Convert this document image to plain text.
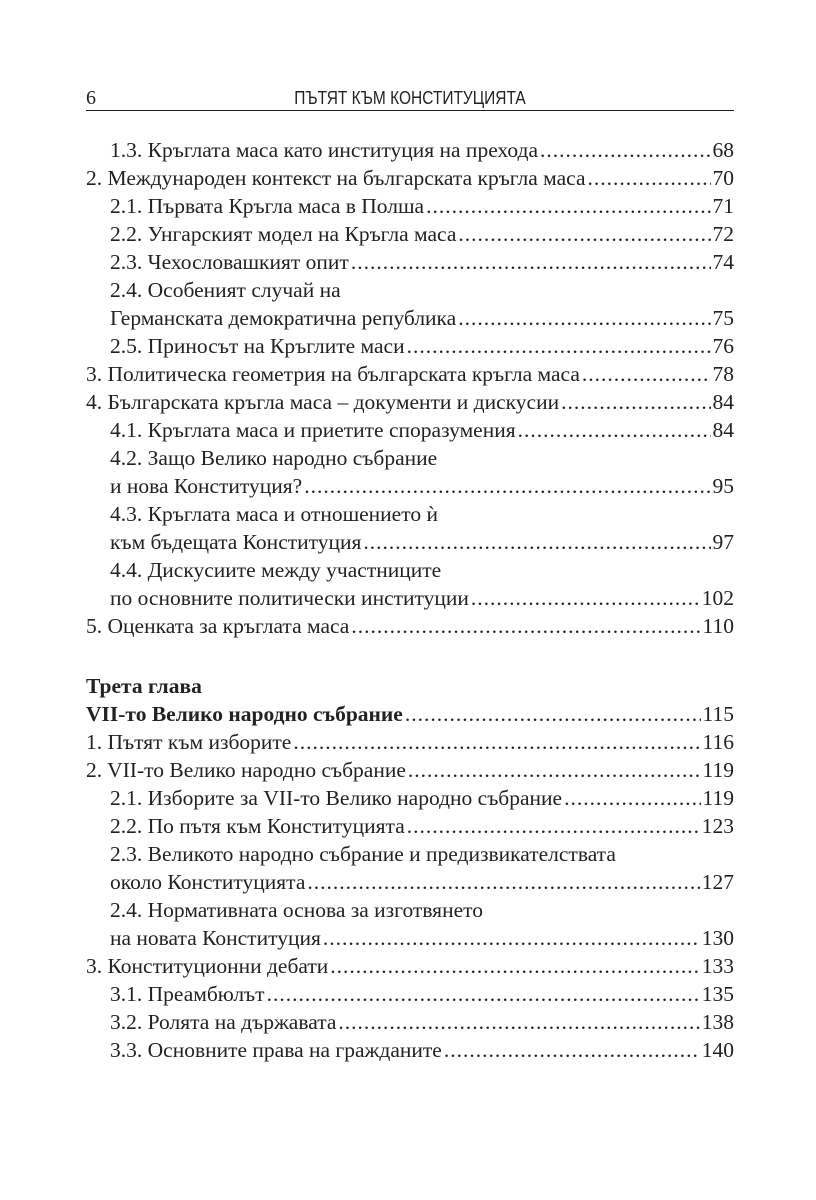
6	ПЪТЯТ КЪМ КОНСТИТУЦИЯТА
1.3. Кръглата маса като институция на прехода .....	68
2. Международен контекст на българската кръгла маса .....	70
2.1. Първата Кръгла маса в Полша .....	71
2.2. Унгарският модел на Кръгла маса .....	72
2.3. Чехословашкият опит .....	74
2.4. Особеният случай на
Германската демократична република .....	75
2.5. Приносът на Кръглите маси .....	76
3. Политическа геометрия на българската кръгла маса .....	78
4. Българската кръгла маса – документи и дискусии .....	84
4.1. Кръглата маса и приетите споразумения .....	84
4.2. Защо Велико народно събрание
и нова Конституция? .....	95
4.3. Кръглата маса и отношението ѝ
към бъдещата Конституция .....	97
4.4. Дискусиите между участниците
по основните политически институции .....	102
5. Оценката за кръглата маса .....	110
Трета глава
VII-то Велико народно събрание .....	115
1. Пътят към изборите .....	116
2. VII-то Велико народно събрание .....	119
2.1. Изборите за VII-то Велико народно събрание .....	119
2.2. По пътя към Конституцията .....	123
2.3. Великото народно събрание и предизвикателствата
около Конституцията .....	127
2.4. Нормативната основа за изготвянето
на новата Конституция .....	130
3. Конституционни дебати .....	133
3.1. Преамбюлът .....	135
3.2. Ролята на държавата .....	138
3.3. Основните права на гражданите .....	140
